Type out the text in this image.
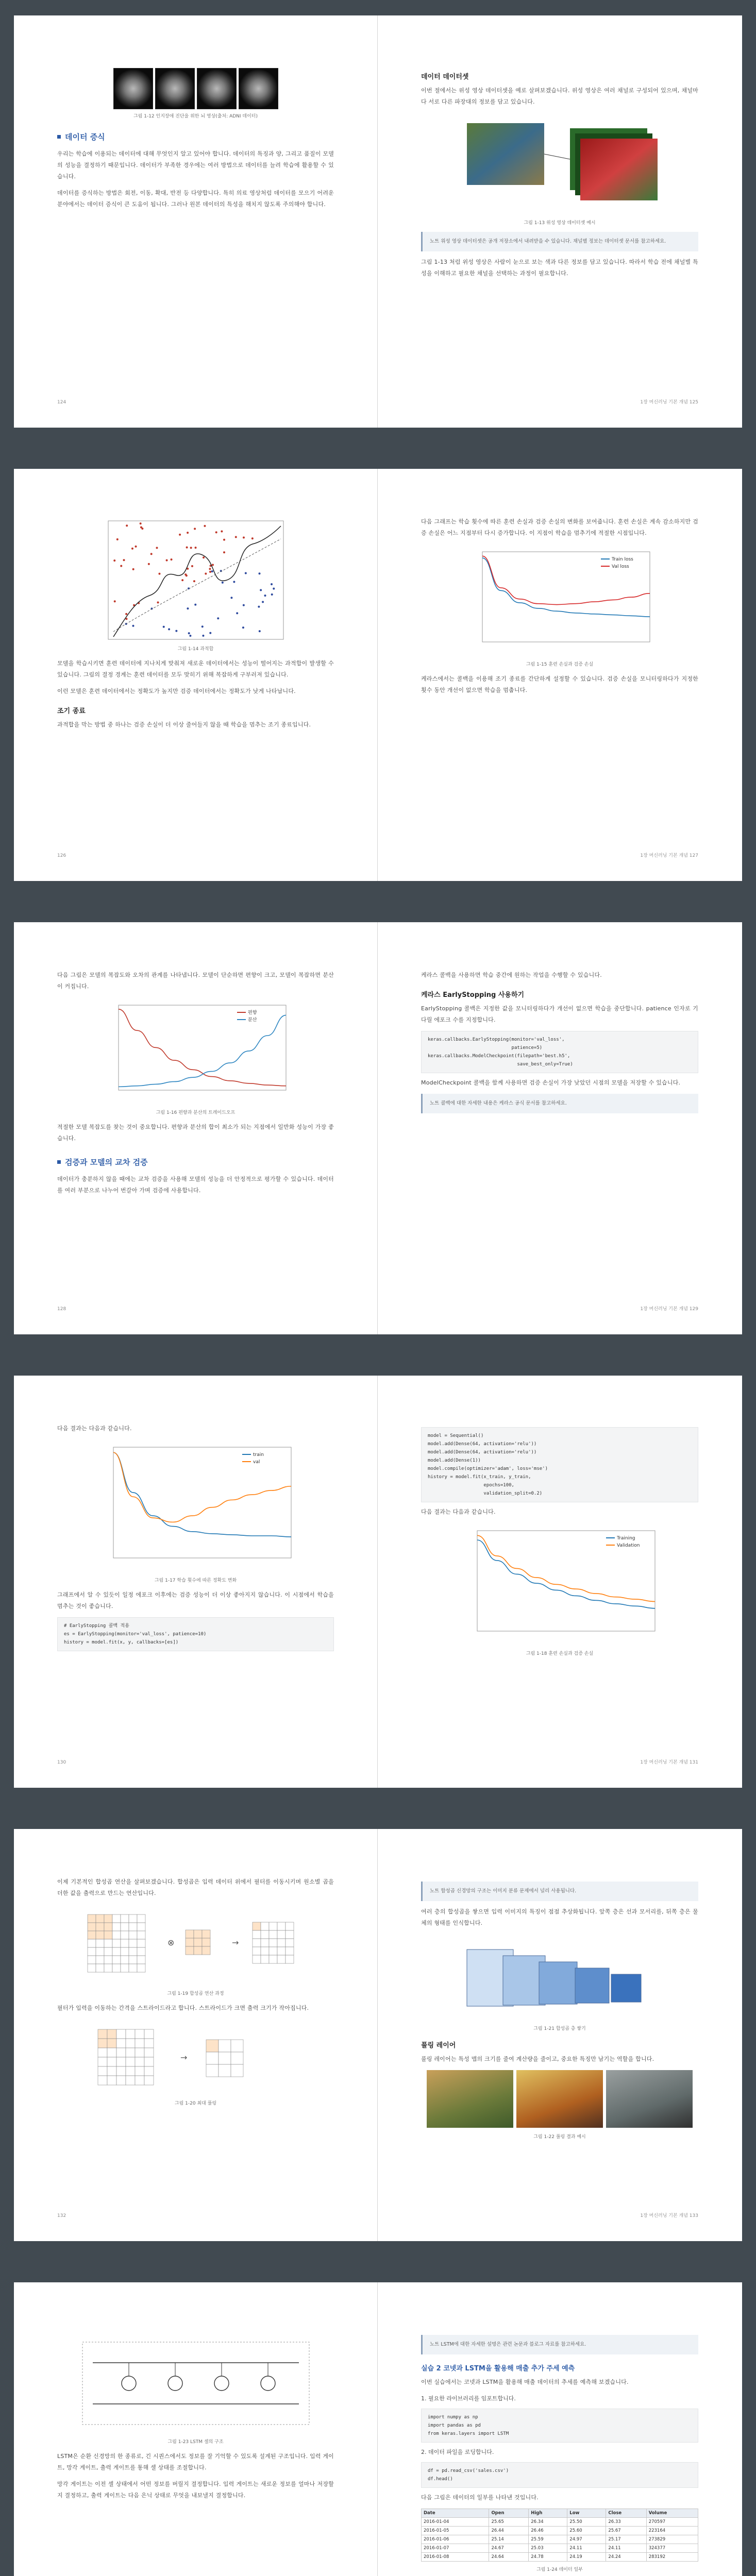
그림 1-12 인지장애 진단을 위한 뇌 영상(출처: ADNI 데이터)
데이터 증식

우리는 학습에 이용되는 데이터에 대해 무엇인지 알고 있어야 합니다. 데이터의 특징과 양, 그리고 품질이 모델의 성능을 결정하기 때문입니다. 데이터가 부족한 경우에는 여러 방법으로 데이터를 늘려 학습에 활용할 수 있습니다.

데이터를 증식하는 방법은 회전, 이동, 확대, 반전 등 다양합니다. 특히 의료 영상처럼 데이터를 모으기 어려운 분야에서는 데이터 증식이 큰 도움이 됩니다. 그러나 원본 데이터의 특성을 해치지 않도록 주의해야 합니다.

124
데이터 데이터셋

이번 절에서는 위성 영상 데이터셋을 예로 살펴보겠습니다. 위성 영상은 여러 채널로 구성되어 있으며, 채널마다 서로 다른 파장대의 정보를 담고 있습니다.

그림 1-13 위성 영상 데이터셋 예시
노트 위성 영상 데이터셋은 공개 저장소에서 내려받을 수 있습니다. 채널별 정보는 데이터셋 문서를 참고하세요.

그림 1-13 처럼 위성 영상은 사람이 눈으로 보는 색과 다른 정보를 담고 있습니다. 따라서 학습 전에 채널별 특성을 이해하고 필요한 채널을 선택하는 과정이 필요합니다.

1장 머신러닝 기본 개념 125
그림 1-14 과적합

모델을 학습시키면 훈련 데이터에 지나치게 맞춰져 새로운 데이터에서는 성능이 떨어지는 과적합이 발생할 수 있습니다. 그림의 결정 경계는 훈련 데이터를 모두 맞히기 위해 복잡하게 구부러져 있습니다.

이런 모델은 훈련 데이터에서는 정확도가 높지만 검증 데이터에서는 정확도가 낮게 나타납니다.

조기 종료

과적합을 막는 방법 중 하나는 검증 손실이 더 이상 줄어들지 않을 때 학습을 멈추는 조기 종료입니다.

126

다음 그래프는 학습 횟수에 따른 훈련 손실과 검증 손실의 변화를 보여줍니다. 훈련 손실은 계속 감소하지만 검증 손실은 어느 지점부터 다시 증가합니다. 이 지점이 학습을 멈추기에 적절한 시점입니다.

Train loss
Val loss
그림 1-15 훈련 손실과 검증 손실

케라스에서는 콜백을 이용해 조기 종료를 간단하게 설정할 수 있습니다. 검증 손실을 모니터링하다가 지정한 횟수 동안 개선이 없으면 학습을 멈춥니다.

1장 머신러닝 기본 개념 127

다음 그림은 모델의 복잡도와 오차의 관계를 나타냅니다. 모델이 단순하면 편향이 크고, 모델이 복잡하면 분산이 커집니다.

편향
분산
그림 1-16 편향과 분산의 트레이드오프

적절한 모델 복잡도를 찾는 것이 중요합니다. 편향과 분산의 합이 최소가 되는 지점에서 일반화 성능이 가장 좋습니다.

검증과 모델의 교차 검증

데이터가 충분하지 않을 때에는 교차 검증을 사용해 모델의 성능을 더 안정적으로 평가할 수 있습니다. 데이터를 여러 부분으로 나누어 번갈아 가며 검증에 사용합니다.

128

케라스 콜백을 사용하면 학습 중간에 원하는 작업을 수행할 수 있습니다.

케라스 EarlyStopping 사용하기

EarlyStopping 콜백은 지정한 값을 모니터링하다가 개선이 없으면 학습을 중단합니다. patience 인자로 기다릴 에포크 수를 지정합니다.

keras.callbacks.EarlyStopping(monitor='val_loss',
patience=5)
keras.callbacks.ModelCheckpoint(filepath='best.h5',
save_best_only=True)

ModelCheckpoint 콜백을 함께 사용하면 검증 손실이 가장 낮았던 시점의 모델을 저장할 수 있습니다.

노트 콜백에 대한 자세한 내용은 케라스 공식 문서를 참고하세요.
1장 머신러닝 기본 개념 129

다음 결과는 다음과 같습니다.

train
val
그림 1-17 학습 횟수에 따른 정확도 변화

그래프에서 알 수 있듯이 일정 에포크 이후에는 검증 성능이 더 이상 좋아지지 않습니다. 이 시점에서 학습을 멈추는 것이 좋습니다.

# EarlyStopping 콜백 적용
es = EarlyStopping(monitor='val_loss', patience=10)
history = model.fit(x, y, callbacks=[es])
130
model = Sequential()
model.add(Dense(64, activation='relu'))
model.add(Dense(64, activation='relu'))
model.add(Dense(1))
model.compile(optimizer='adam', loss='mse')
history = model.fit(x_train, y_train,
epochs=100,
validation_split=0.2)

다음 결과는 다음과 같습니다.

Training
Validation
그림 1-18 훈련 손실과 검증 손실
1장 머신러닝 기본 개념 131

이제 기본적인 합성곱 연산을 살펴보겠습니다. 합성곱은 입력 데이터 위에서 필터를 이동시키며 원소별 곱을 더한 값을 출력으로 만드는 연산입니다.

⊗	→
그림 1-19 합성곱 연산 과정

필터가 입력을 이동하는 간격을 스트라이드라고 합니다. 스트라이드가 크면 출력 크기가 작아집니다.

→
그림 1-20 최대 풀링
132
노트 합성곱 신경망의 구조는 이미지 분류 문제에서 널리 사용됩니다.

여러 층의 합성곱을 쌓으면 입력 이미지의 특징이 점점 추상화됩니다. 앞쪽 층은 선과 모서리를, 뒤쪽 층은 물체의 형태를 인식합니다.

그림 1-21 합성곱 층 쌓기
풀링 레이어

풀링 레이어는 특성 맵의 크기를 줄여 계산량을 줄이고, 중요한 특징만 남기는 역할을 합니다.

그림 1-22 풀링 결과 예시
1장 머신러닝 기본 개념 133
그림 1-23 LSTM 셀의 구조

LSTM은 순환 신경망의 한 종류로, 긴 시퀀스에서도 정보를 잘 기억할 수 있도록 설계된 구조입니다. 입력 게이트, 망각 게이트, 출력 게이트를 통해 셀 상태를 조절합니다.

망각 게이트는 이전 셀 상태에서 어떤 정보를 버릴지 결정합니다. 입력 게이트는 새로운 정보를 얼마나 저장할지 결정하고, 출력 게이트는 다음 은닉 상태로 무엇을 내보낼지 결정합니다.

노트 LSTM에 대한 자세한 설명은 관련 논문과 블로그 자료를 참고하세요.
실습 2 코넷과 LSTM을 활용해 매출 추가 주세 예측

이번 실습에서는 코넷과 LSTM을 활용해 매출 데이터의 추세를 예측해 보겠습니다.

1. 필요한 라이브러리를 임포트합니다.
import numpy as np
import pandas as pd
from keras.layers import LSTM
2. 데이터 파일을 로딩합니다.
df = pd.read_csv('sales.csv')
df.head()

다음 그림은 데이터의 일부를 나타낸 것입니다.

Date	Open	High	Low	Close	Volume
2016-01-04	25.65	26.34	25.50	26.33	270597
2016-01-05	26.44	26.46	25.60	25.67	223164
2016-01-06	25.14	25.59	24.97	25.17	273829
2016-01-07	24.67	25.03	24.11	24.11	324377
2016-01-08	24.64	24.78	24.19	24.24	283192
그림 1-24 데이터 일부
